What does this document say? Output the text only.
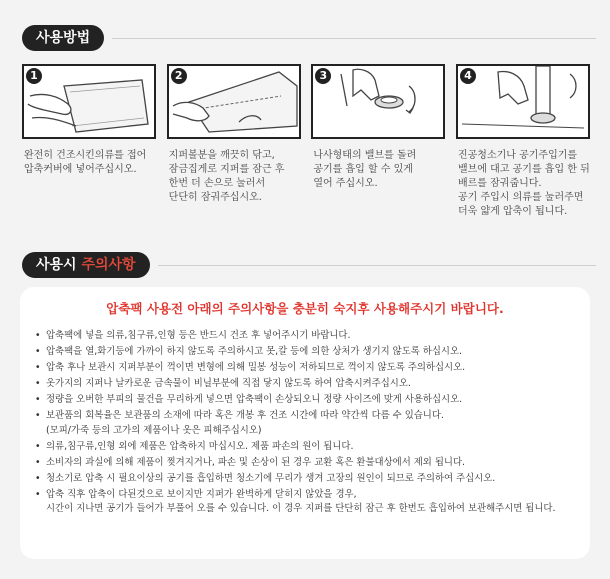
사용방법
1
완전히 건조시킨의류를 접어
압축커버에 넣어주십시오.
2
지퍼볼분을 깨끗히 닦고,
잠금집게로 지퍼를 잠근 후
한번 더 손으로 눌러서
단단히 잠궈주십시오.
3
나사형태의 밸브를 돌려
공기를 흡입 할 수 있게
열어 주십시오.
4
진공청소기나 공기주입기를
밸브에 대고 공기를 흡입 한 뒤
배르를 잠궈줍니다.
공기 주입시 의류를 눌러주면
더욱 얇게 압축이 됩니다.
사용시 주의사항
압축팩 사용전 아래의 주의사항을 충분히 숙지후 사용해주시기 바랍니다.
• 압축팩에 넣을 의류,침구류,인형 등은 반드시 건조 후 넣어주시기 바랍니다.
• 압축팩을 열,화기등에 가까이 하지 않도록 주의하시고 못,칼 등에 의한 상처가 생기지 않도록 하십시오.
• 압축 후나 보관시 지퍼부분이 꺽이면 변형에 의해 밀봉 성능이 저하되므로 꺽이지 않도록 주의하십시오.
• 옷가지의 지퍼나 날카로운 금속물이 비닐부분에 직접 닿지 않도록 하여 압축시켜주십시오.
• 정량을 오버한 부피의 물건을 무리하게 넣으면 압축팩이 손상되오니 정량 사이즈에 맞게 사용하십시오.
• 보관품의 회복율은 보관품의 소재에 따라 혹은 개봉 후 건조 시간에 따라 약간씩 다름 수 있습니다.
(모피/가죽 등의 고가의 제품이나 옷은 피해주십시오)
• 의류,침구류,인형 외에 제품은 압축하지 마십시오. 제품 파손의 원이 됩니다.
• 소비자의 과실에 의해 제품이 찢겨지거나, 파손 및 손상이 된 경우 교환 혹은 환불대상에서 제외 됩니다.
• 청소기로 압축 시 필요이상의 공기를 흡입하면 청소기에 무리가 생겨 고장의 원인이 되므로 주의하여 주십시오.
• 압축 직후 압축이 다된것으로 보이지만 지퍼가 완벽하게 닫히지 않았을 경우,
시간이 지나면 공기가 들어가 부풀어 오를 수 있습니다. 이 경우 지퍼를 단단히 잠근 후 한번도 흡입하여 보관해주시면 됩니다.
